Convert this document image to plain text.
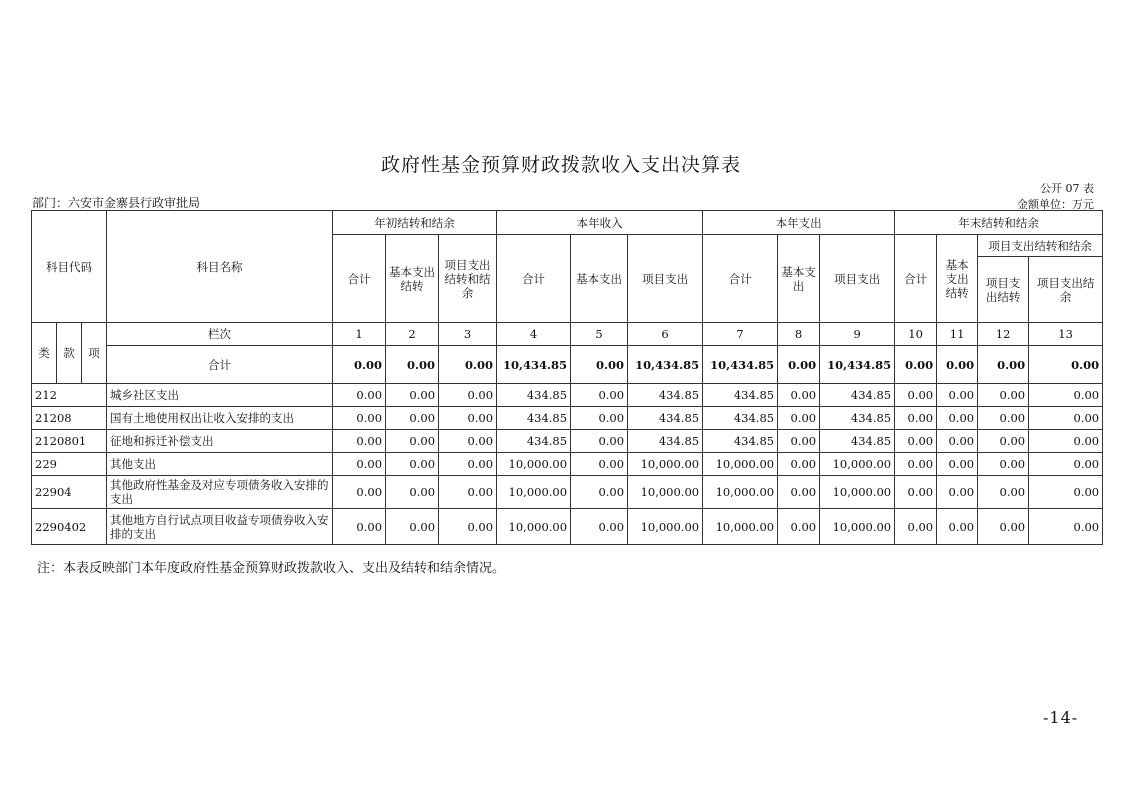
政府性基金预算财政拨款收入支出决算表
公开 07 表
部门：六安市金寨县行政审批局	金额单位：万元
科目代码			科目名称	年初结转和结余			本年收入			本年支出			年末结转和结余			
				合计	基本支出结转	项目支出结转和结余	合计	基本支出	项目支出	合计	基本支出	项目支出	合计	基本支出结转	项目支出结转和结余	
															项目支出结转	项目支出结余
类	款	项	栏次	1	2	3	4	5	6	7	8	9	10	11	12	13
			合计	0.00	0.00	0.00	10,434.85	0.00	10,434.85	10,434.85	0.00	10,434.85	0.00	0.00	0.00	0.00
212			城乡社区支出	0.00	0.00	0.00	434.85	0.00	434.85	434.85	0.00	434.85	0.00	0.00	0.00	0.00
21208			国有土地使用权出让收入安排的支出	0.00	0.00	0.00	434.85	0.00	434.85	434.85	0.00	434.85	0.00	0.00	0.00	0.00
2120801			征地和拆迁补偿支出	0.00	0.00	0.00	434.85	0.00	434.85	434.85	0.00	434.85	0.00	0.00	0.00	0.00
229			其他支出	0.00	0.00	0.00	10,000.00	0.00	10,000.00	10,000.00	0.00	10,000.00	0.00	0.00	0.00	0.00
22904			其他政府性基金及对应专项债务收入安排的支出	0.00	0.00	0.00	10,000.00	0.00	10,000.00	10,000.00	0.00	10,000.00	0.00	0.00	0.00	0.00
2290402			其他地方自行试点项目收益专项债券收入安排的支出	0.00	0.00	0.00	10,000.00	0.00	10,000.00	10,000.00	0.00	10,000.00	0.00	0.00	0.00	0.00
注：本表反映部门本年度政府性基金预算财政拨款收入、支出及结转和结余情况。
-14-
